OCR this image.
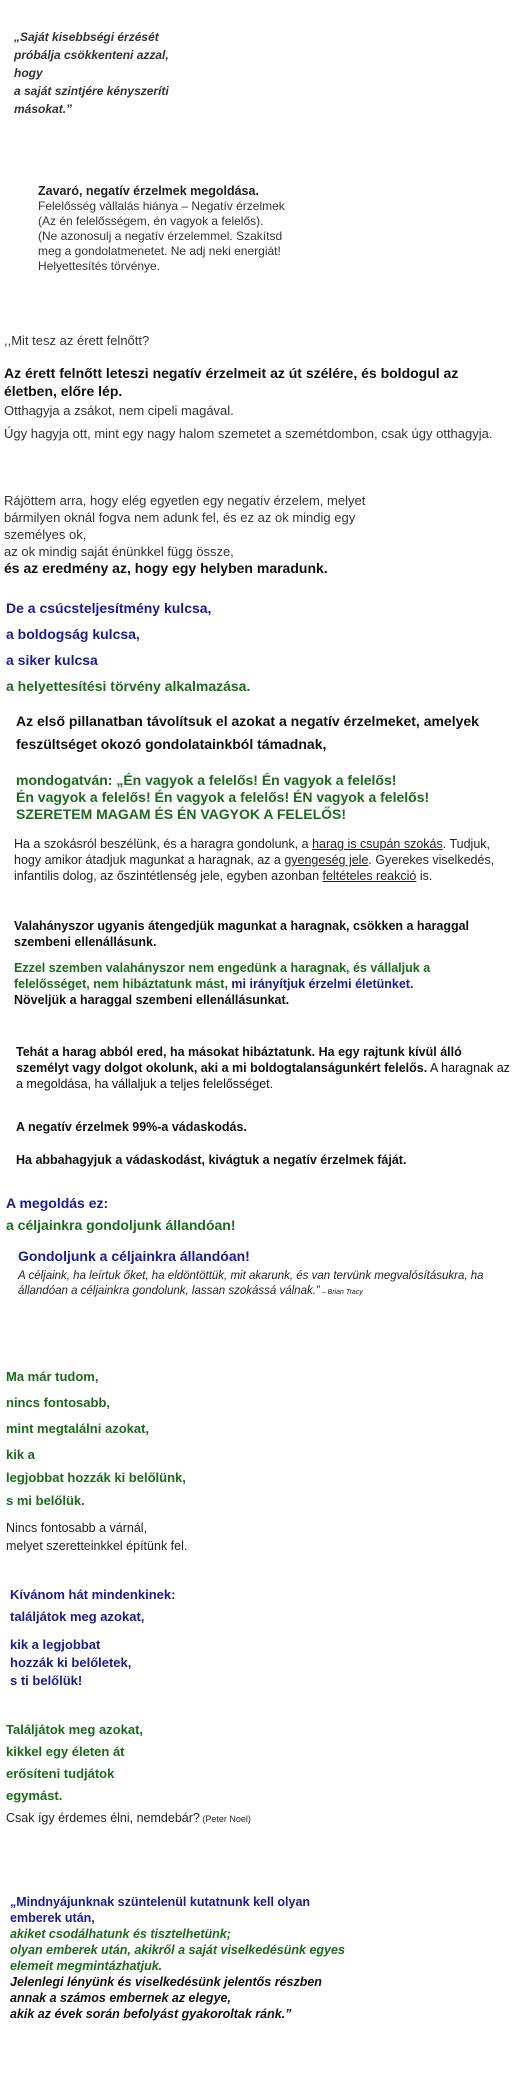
„Saját kisebbségi érzését

próbálja csökkenteni azzal,

hogy

a saját szintjére kényszeríti

másokat.”

Zavaró, negatív érzelmek megoldása.

Felelősség vállalás hiánya – Negatív érzelmek

(Az én felelősségem, én vagyok a felelős).

(Ne azonosulj a negatív érzelemmel. Szakítsd

meg a gondolatmenetet. Ne adj neki energiát!

Helyettesítés törvénye.

,,Mit tesz az érett felnőtt?

Az érett felnőtt leteszi negatív érzelmeit az út szélére, és boldogul az életben, előre lép.

Otthagyja a zsákot, nem cipeli magával.

Úgy hagyja ott, mint egy nagy halom szemetet a szemétdombon, csak úgy otthagyja.

Rájöttem arra, hogy elég egyetlen egy negatív érzelem, melyet

bármilyen oknál fogva nem adunk fel, és ez az ok mindig egy

személyes ok,

az ok mindig saját énünkkel függ össze,

és az eredmény az, hogy egy helyben maradunk.

De a csúcsteljesítmény kulcsa,

a boldogság kulcsa,

a siker kulcsa

a helyettesítési törvény alkalmazása.

Az első pillanatban távolítsuk el azokat a negatív érzelmeket, amelyek feszültséget okozó gondolatainkból támadnak,

mondogatván: „Én vagyok a felelős! Én vagyok a felelős!

Én vagyok a felelős! Én vagyok a felelős! ÉN vagyok a felelős!

SZERETEM MAGAM ÉS ÉN VAGYOK A FELELŐS!

Ha a szokásról beszélünk, és a haragra gondolunk, a harag is csupán szokás. Tudjuk, hogy amikor átadjuk magunkat a haragnak, az a gyengeség jele. Gyerekes viselkedés, infantilis dolog, az őszintétlenség jele, egyben azonban feltételes reakció is.
Valahányszor ugyanis átengedjük magunkat a haragnak, csökken a haraggal szembeni ellenállásunk.
Ezzel szemben valahányszor nem engedünk a haragnak, és vállaljuk a felelősséget, nem hibáztatunk mást, mi irányítjuk érzelmi életünket.

Növeljük a haraggal szembeni ellenállásunkat.

Tehát a harag abból ered, ha másokat hibáztatunk. Ha egy rajtunk kívül álló személyt vagy dolgot okolunk, aki a mi boldogtalanságunkért felelős. A haragnak az a megoldása, ha vállaljuk a teljes felelősséget.
A negatív érzelmek 99%-a vádaskodás.
Ha abbahagyjuk a vádaskodást, kivágtuk a negatív érzelmek fáját.

A megoldás ez:

a céljainkra gondoljunk állandóan!

Gondoljunk a céljainkra állandóan!

A céljaink, ha leírtuk őket, ha eldöntöttük, mit akarunk, és van tervünk megvalósításukra, ha állandóan a céljainkra gondolunk, lassan szokássá válnak.” – Brian Tracy

Ma már tudom,

nincs fontosabb,

mint megtalálni azokat,

kik a

legjobbat hozzák ki belőlünk,

s mi belőlük.

Nincs fontosabb a várnál,

melyet szeretteinkkel építünk fel.

Kívánom hát mindenkinek:

találjátok meg azokat,

kik a legjobbat

hozzák ki belőletek,

s ti belőlük!

Találjátok meg azokat,

kikkel egy életen át

erősíteni tudjátok

egymást.

Csak így érdemes élni, nemdebár? (Peter Noel)

„Mindnyájunknak szüntelenül kutatnunk kell olyan

emberek után,

akiket csodálhatunk és tisztelhetünk;

olyan emberek után, akikről a saját viselkedésünk egyes

elemeit megmintázhatjuk.

Jelenlegi lényünk és viselkedésünk jelentős részben

annak a számos embernek az elegye,

akik az évek során befolyást gyakoroltak ránk.”
